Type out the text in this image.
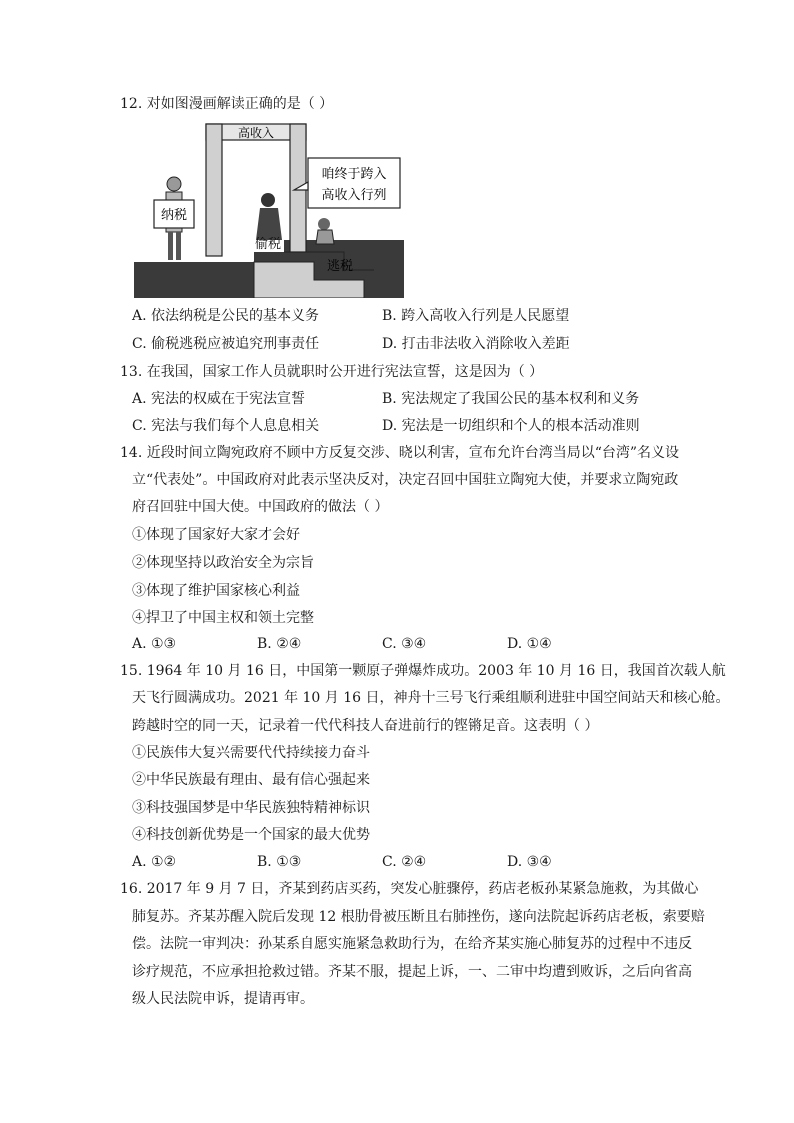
12. 对如图漫画解读正确的是（ ）
高收入
咱终于跨入
高收入行列
纳税
偷税
逃税
A. 依法纳税是公民的基本义务	B. 跨入高收入行列是人民愿望
C. 偷税逃税应被追究刑事责任	D. 打击非法收入消除收入差距
13. 在我国，国家工作人员就职时公开进行宪法宣誓，这是因为（ ）
A. 宪法的权威在于宪法宣誓	B. 宪法规定了我国公民的基本权利和义务
C. 宪法与我们每个人息息相关	D. 宪法是一切组织和个人的根本活动准则
14. 近段时间立陶宛政府不顾中方反复交涉、晓以利害，宣布允许台湾当局以“台湾”名义设
立“代表处”。中国政府对此表示坚决反对，决定召回中国驻立陶宛大使，并要求立陶宛政
府召回驻中国大使。中国政府的做法（ ）
①体现了国家好大家才会好
②体现坚持以政治安全为宗旨
③体现了维护国家核心利益
④捍卫了中国主权和领土完整
A. ①③	B. ②④	C. ③④	D. ①④
15. 1964 年 10 月 16 日，中国第一颗原子弹爆炸成功。2003 年 10 月 16 日，我国首次载人航
天飞行圆满成功。2021 年 10 月 16 日，神舟十三号飞行乘组顺利进驻中国空间站天和核心舱。
跨越时空的同一天，记录着一代代科技人奋进前行的铿锵足音。这表明（ ）
①民族伟大复兴需要代代持续接力奋斗
②中华民族最有理由、最有信心强起来
③科技强国梦是中华民族独特精神标识
④科技创新优势是一个国家的最大优势
A. ①②	B. ①③	C. ②④	D. ③④
16. 2017 年 9 月 7 日，齐某到药店买药，突发心脏骤停，药店老板孙某紧急施救，为其做心
肺复苏。齐某苏醒入院后发现 12 根肋骨被压断且右肺挫伤，遂向法院起诉药店老板，索要赔
偿。法院一审判决：孙某系自愿实施紧急救助行为，在给齐某实施心肺复苏的过程中不违反
诊疗规范，不应承担抢救过错。齐某不服，提起上诉，一、二审中均遭到败诉，之后向省高
级人民法院申诉，提请再审。
